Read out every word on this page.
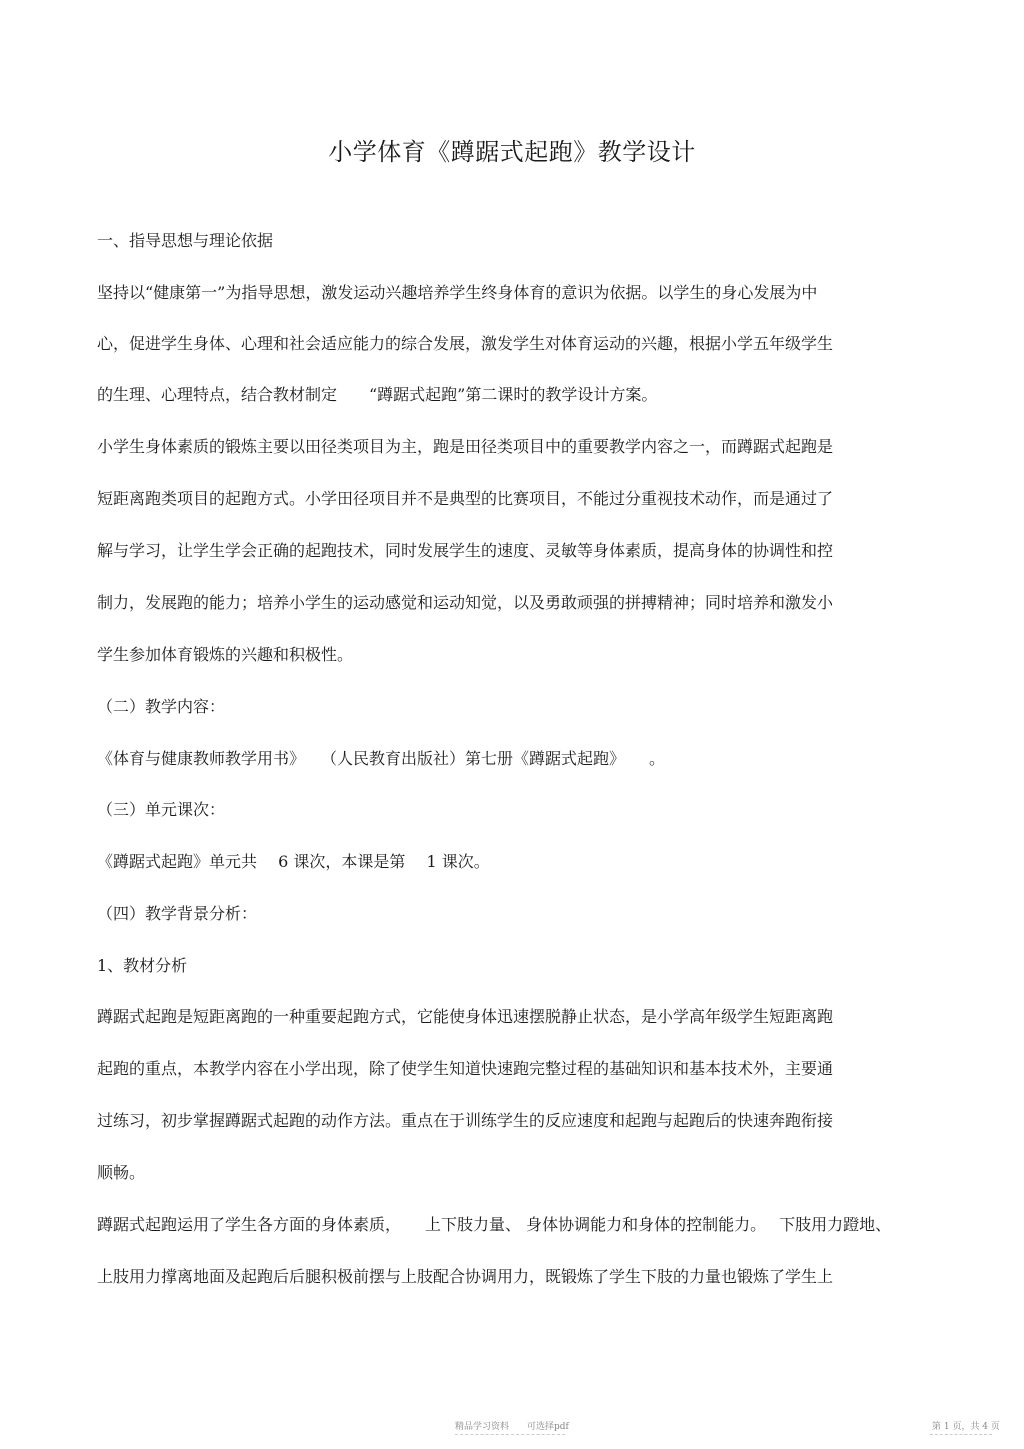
小学体育《蹲踞式起跑》教学设计
一、指导思想与理论依据
坚持以“健康第一”为指导思想，激发运动兴趣培养学生终身体育的意识为依据。以学生的身心发展为中
心，促进学生身体、心理和社会适应能力的综合发展，激发学生对体育运动的兴趣，根据小学五年级学生
的生理、心理特点，结合教材制定　　“蹲踞式起跑”第二课时的教学设计方案。
小学生身体素质的锻炼主要以田径类项目为主，跑是田径类项目中的重要教学内容之一，而蹲踞式起跑是
短距离跑类项目的起跑方式。小学田径项目并不是典型的比赛项目，不能过分重视技术动作，而是通过了
解与学习，让学生学会正确的起跑技术，同时发展学生的速度、灵敏等身体素质，提高身体的协调性和控
制力，发展跑的能力；培养小学生的运动感觉和运动知觉，以及勇敢顽强的拼搏精神；同时培养和激发小
学生参加体育锻炼的兴趣和积极性。
（二）教学内容：
《体育与健康教师教学用书》　　（人民教育出版社）第七册《蹲踞式起跑》　　。
（三）单元课次：
《蹲踞式起跑》单元共　 6 课次，本课是第　 1 课次。
（四）教学背景分析：
1、教材分析
蹲踞式起跑是短距离跑的一种重要起跑方式，它能使身体迅速摆脱静止状态，是小学高年级学生短距离跑
起跑的重点，本教学内容在小学出现，除了使学生知道快速跑完整过程的基础知识和基本技术外，主要通
过练习，初步掌握蹲踞式起跑的动作方法。重点在于训练学生的反应速度和起跑与起跑后的快速奔跑衔接
顺畅。
蹲踞式起跑运用了学生各方面的身体素质，　　上下肢力量、 身体协调能力和身体的控制能力。　 下肢用力蹬地、
上肢用力撑离地面及起跑后后腿积极前摆与上肢配合协调用力，既锻炼了学生下肢的力量也锻炼了学生上
精品学习资料　　可选择pdf	第 1 页，共 4 页
